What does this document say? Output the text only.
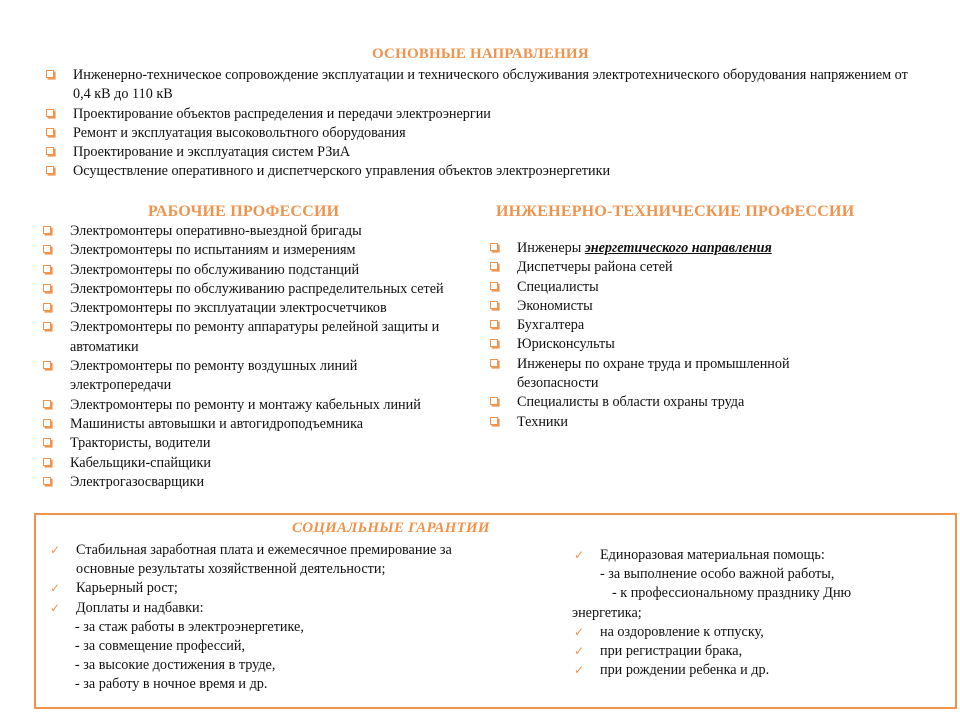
ОСНОВНЫЕ НАПРАВЛЕНИЯ
Инженерно-техническое сопровождение эксплуатации и технического обслуживания электротехнического оборудования напряжением от 0,4 кВ до 110 кВ
Проектирование объектов распределения и передачи электроэнергии
Ремонт и эксплуатация высоковольтного оборудования
Проектирование и эксплуатация систем РЗиА
Осуществление оперативного и диспетчерского управления объектов электроэнергетики
РАБОЧИЕ ПРОФЕССИИ
Электромонтеры оперативно-выездной бригады
Электромонтеры по испытаниям и измерениям
Электромонтеры по обслуживанию подстанций
Электромонтеры по обслуживанию распределительных сетей
Электромонтеры по эксплуатации электросчетчиков
Электромонтеры по ремонту аппаратуры релейной защиты и автоматики
Электромонтеры по ремонту воздушных линий электропередачи
Электромонтеры по ремонту и монтажу кабельных линий
Машинисты автовышки и автогидроподъемника
Трактористы, водители
Кабельщики-спайщики
Электрогазосварщики
ИНЖЕНЕРНО-ТЕХНИЧЕСКИЕ ПРОФЕССИИ
Инженеры энергетического направления
Диспетчеры района сетей
Специалисты
Экономисты
Бухгалтера
Юрисконсульты
Инженеры по охране труда и промышленной безопасности
Специалисты в области охраны труда
Техники
СОЦИАЛЬНЫЕ ГАРАНТИИ
✓ Стабильная заработная плата и ежемесячное премирование за основные результаты хозяйственной деятельности;
✓ Карьерный рост;
✓ Доплаты и надбавки:
- за стаж работы в электроэнергетике,
- за совмещение профессий,
- за высокие достижения в труде,
- за работу в ночное время и др.
✓ Единоразовая материальная помощь:
- за выполнение особо важной работы,
- к профессиональному празднику Дню энергетика;
✓ на оздоровление к отпуску,
✓ при регистрации брака,
✓ при рождении ребенка и др.
